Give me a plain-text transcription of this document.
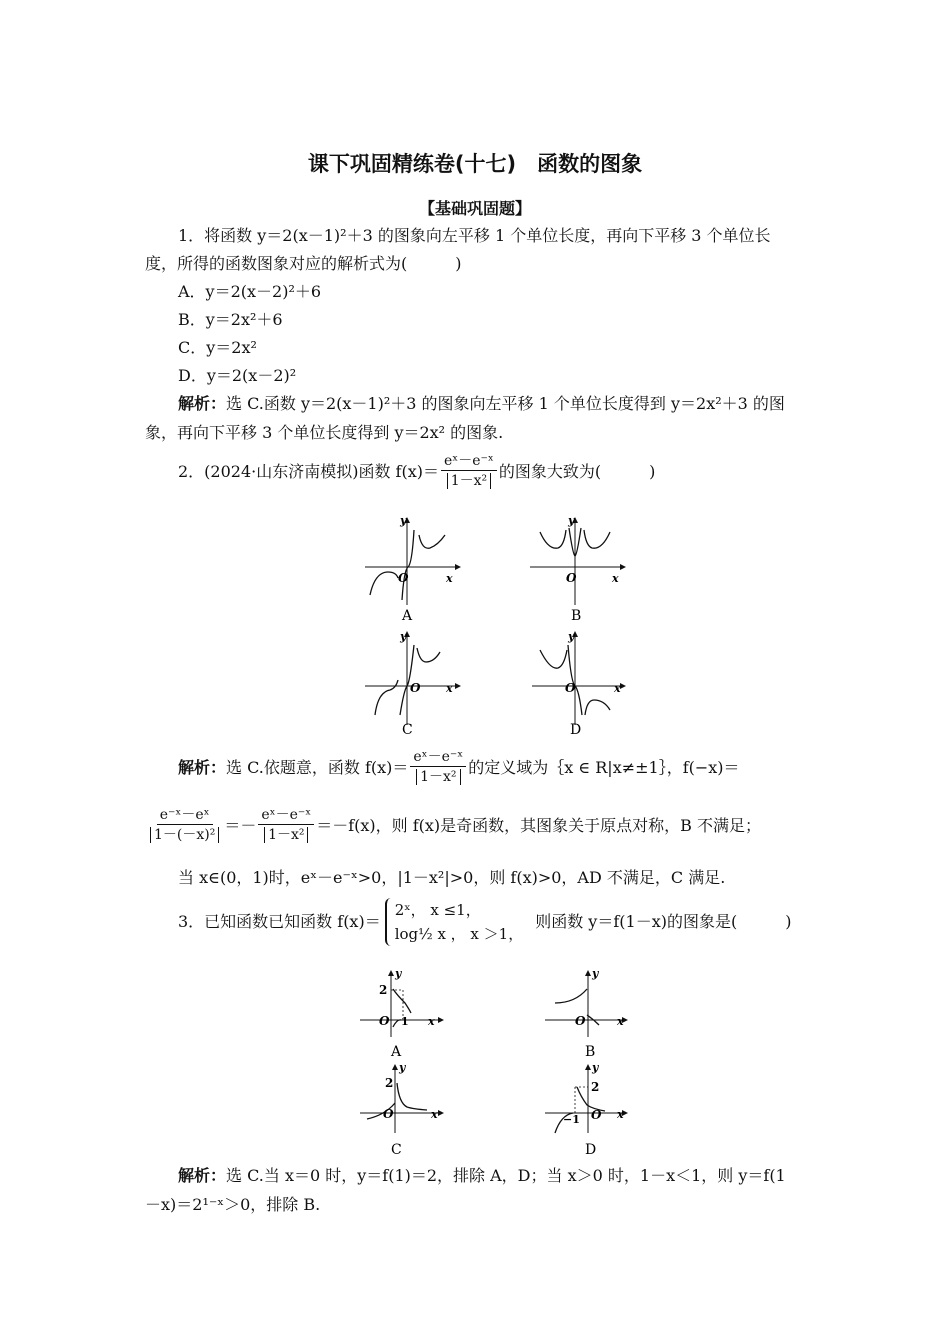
课下巩固精练卷(十七)　函数的图象
【基础巩固题】
1．将函数 y＝2(x－1)²＋3 的图象向左平移 1 个单位长度，再向下平移 3 个单位长
度，所得的函数图象对应的解析式为(　　　)
A．y＝2(x－2)²＋6
B．y＝2x²＋6
C．y＝2x²
D．y＝2(x－2)²
解析：选 C.函数 y＝2(x－1)²＋3 的图象向左平移 1 个单位长度得到 y＝2x²＋3 的图
象，再向下平移 3 个单位长度得到 y＝2x² 的图象.
2．(2024·山东济南模拟)函数 $f(x)= \frac{\text{eˣ－e⁻ˣ}}{\text{1－x²}}$ 的图象大致为(　　　)
y
x
O
A
y
x
O
B
y
x
O
C
y
x
O
D
解析： 选 C.依题意，函数 $f(x)= \frac{\text{eˣ－e⁻ˣ}}{\text{1－x²}}$ 的定义域为｛x ∈ R|x≠±1｝，f(−x)＝
$\frac{\text{e⁻ˣ－eˣ}}{\text{1－(－x)²}} =- \frac{\text{eˣ－e⁻ˣ}}{\text{1－x²}} =-f(x)$，则 f(x)是奇函数，其图象关于原点对称，B 不满足；
当 x∈(0，1)时，eˣ－e⁻ˣ>0，|1－x²|>0，则 f(x)>0，AD 不满足，C 满足.
3．已知函数已知函数 f(x)＝
2ˣ， x ≤1，
log½ x ， x ＞1，
则函数 y＝f(1－x)的图象是(　　　)
y
x
O
2
1
A
y
x
O
B
y
x
O
2
C
y
x
O
2
−1
D
解析：选 C.当 x＝0 时，y＝f(1)＝2，排除 A，D；当 x＞0 时，1－x＜1，则 y＝f(1
－x)＝2¹⁻ˣ＞0，排除 B.
